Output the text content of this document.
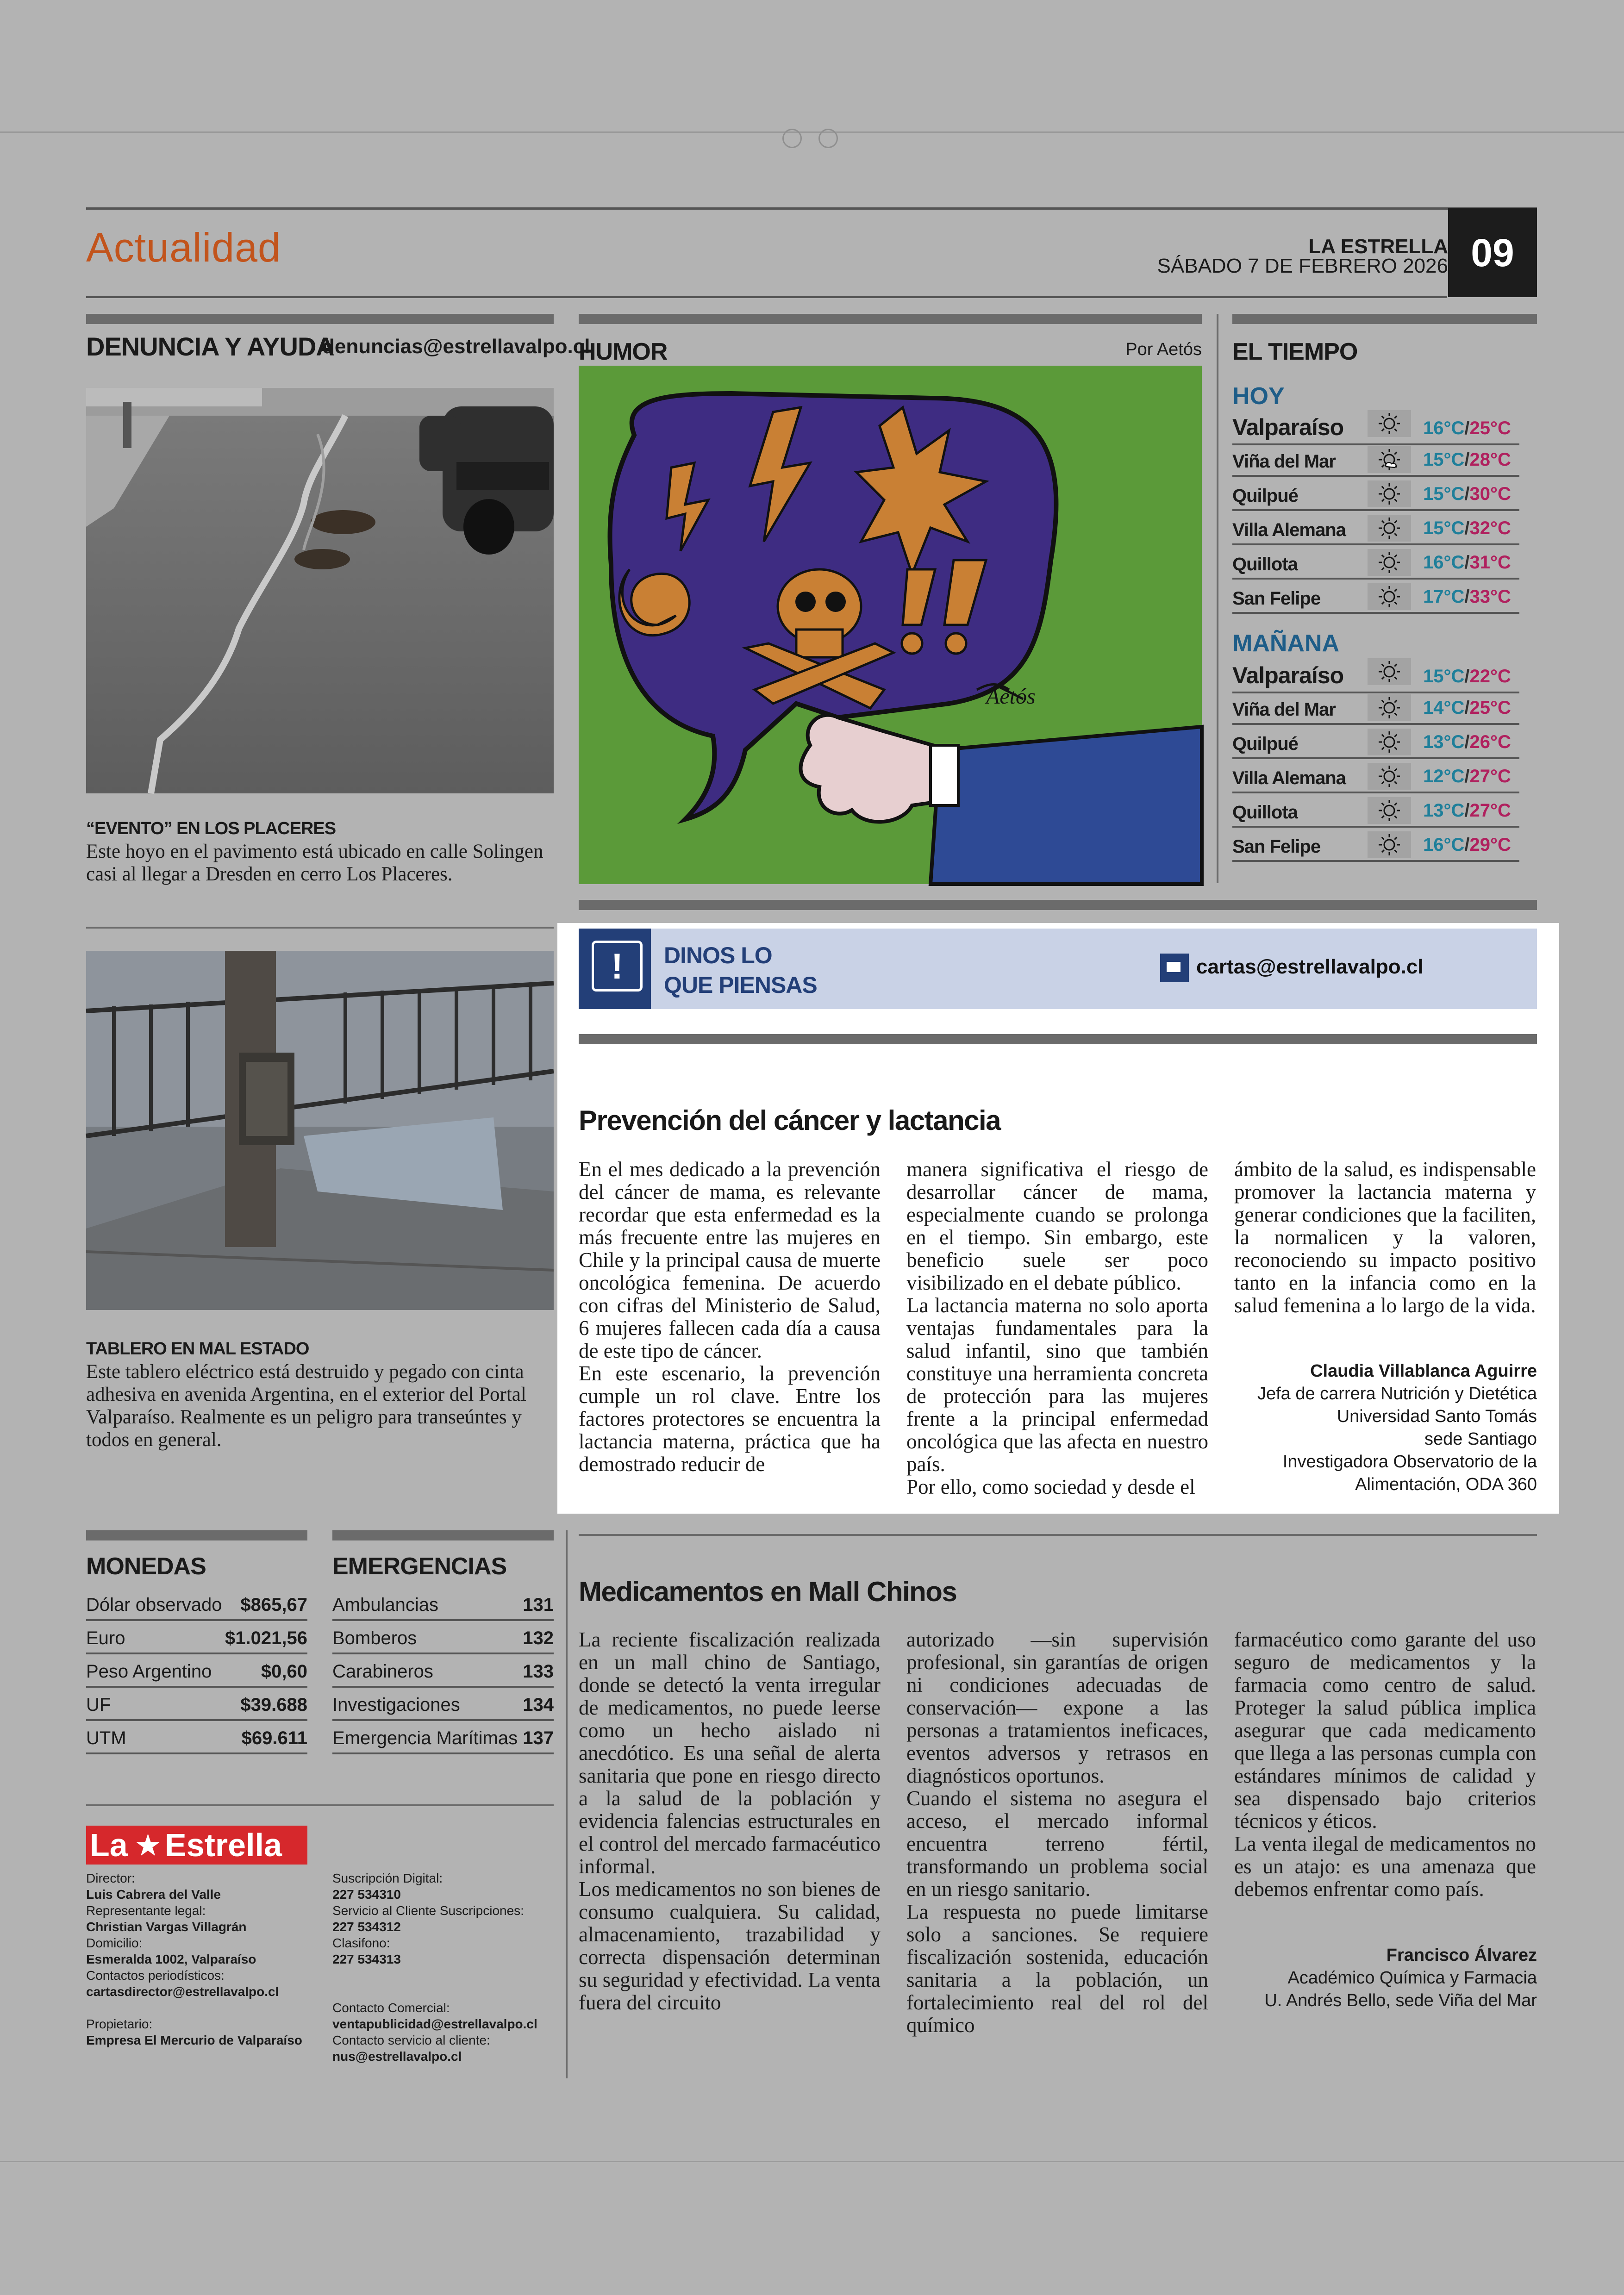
Actualidad	LA ESTRELLA
SÁBADO 7 DE FEBRERO 2026 09
DENUNCIA Y AYUDA
denuncias@estrellavalpo.cl
“EVENTO” EN LOS PLACERES
Este hoyo en el pavimento está ubicado en calle Solingen casi al llegar a Dresden en cerro Los Placeres.
TABLERO EN MAL ESTADO
Este tablero eléctrico está destruido y pegado con cinta adhesiva en avenida Argentina, en el exterior del Portal Valparaíso. Realmente es un peligro para transeúntes y todos en general.
HUMOR	Por Aetós
Aetós
EL TIEMPO
HOY
Valparaíso	16°C/25°C
Viña del Mar	15°C/28°C
Quilpué	15°C/30°C
Villa Alemana	15°C/32°C
Quillota	16°C/31°C
San Felipe	17°C/33°C
MAÑANA
Valparaíso	15°C/22°C
Viña del Mar	14°C/25°C
Quilpué	13°C/26°C
Villa Alemana	12°C/27°C
Quillota	13°C/27°C
San Felipe	16°C/29°C
!	DINOS LO
QUE PIENSAS
cartas@estrellavalpo.cl
Prevención del cáncer y lactancia
En el mes dedicado a la prevención del cáncer de mama, es relevante recordar que esta enfermedad es la más frecuente entre las mujeres en Chile y la principal causa de muerte oncológica femenina. De acuerdo con cifras del Ministerio de Salud, 6 mujeres fallecen cada día a causa de este tipo de cáncer.
En este escenario, la prevención cumple un rol clave. Entre los factores protectores se encuentra la lactancia materna, práctica que ha demostrado reducir de
manera significativa el riesgo de desarrollar cáncer de mama, especialmente cuando se prolonga en el tiempo. Sin embargo, este beneficio suele ser poco visibilizado en el debate público.
La lactancia materna no solo aporta ventajas fundamentales para la salud infantil, sino que también constituye una herramienta concreta de protección para las mujeres frente a la principal enfermedad oncológica que las afecta en nuestro país.
Por ello, como sociedad y desde el
ámbito de la salud, es indispensable promover la lactancia materna y generar condiciones que la faciliten, la normalicen y la valoren, reconociendo su impacto positivo tanto en la infancia como en la salud femenina a lo largo de la vida.
Claudia Villablanca Aguirre
Jefa de carrera Nutrición y Dietética
Universidad Santo Tomás
sede Santiago
Investigadora Observatorio de la
Alimentación, ODA 360
MONEDAS
Dólar observado $865,67
Euro	$1.021,56
Peso Argentino	$0,60
UF	$39.688
UTM	$69.611
EMERGENCIAS
Ambulancias	131
Bomberos	132
Carabineros	133
Investigaciones	134
Emergencia Marítimas 137
La ★ Estrella
Director:
Luis Cabrera del Valle
Representante legal:
Christian Vargas Villagrán
Domicilio:
Esmeralda 1002, Valparaíso
Contactos periodísticos:
cartasdirector@estrellavalpo.cl
Propietario:
Empresa El Mercurio de Valparaíso
Suscripción Digital:
227 534310
Servicio al Cliente Suscripciones:
227 534312
Clasifono:
227 534313
Contacto Comercial:
ventapublicidad@estrellavalpo.cl
Contacto servicio al cliente:
nus@estrellavalpo.cl
Medicamentos en Mall Chinos
La reciente fiscalización realizada en un mall chino de Santiago, donde se detectó la venta irregular de medicamentos, no puede leerse como un hecho aislado ni anecdótico. Es una señal de alerta sanitaria que pone en riesgo directo a la salud de la población y evidencia falencias estructurales en el control del mercado farmacéutico informal.
Los medicamentos no son bienes de consumo cualquiera. Su calidad, almacenamiento, trazabilidad y correcta dispensación determinan su seguridad y efectividad. La venta fuera del circuito
autorizado —sin supervisión profesional, sin garantías de origen ni condiciones adecuadas de conservación— expone a las personas a tratamientos ineficaces, eventos adversos y retrasos en diagnósticos oportunos.
Cuando el sistema no asegura el acceso, el mercado informal encuentra terreno fértil, transformando un problema social en un riesgo sanitario.
La respuesta no puede limitarse solo a sanciones. Se requiere fiscalización sostenida, educación sanitaria a la población, un fortalecimiento real del rol del químico
farmacéutico como garante del uso seguro de medicamentos y la farmacia como centro de salud. Proteger la salud pública implica asegurar que cada medicamento que llega a las personas cumpla con estándares mínimos de calidad y sea dispensado bajo criterios técnicos y éticos.
La venta ilegal de medicamentos no es un atajo: es una amenaza que debemos enfrentar como país.
Francisco Álvarez
Académico Química y Farmacia
U. Andrés Bello, sede Viña del Mar
